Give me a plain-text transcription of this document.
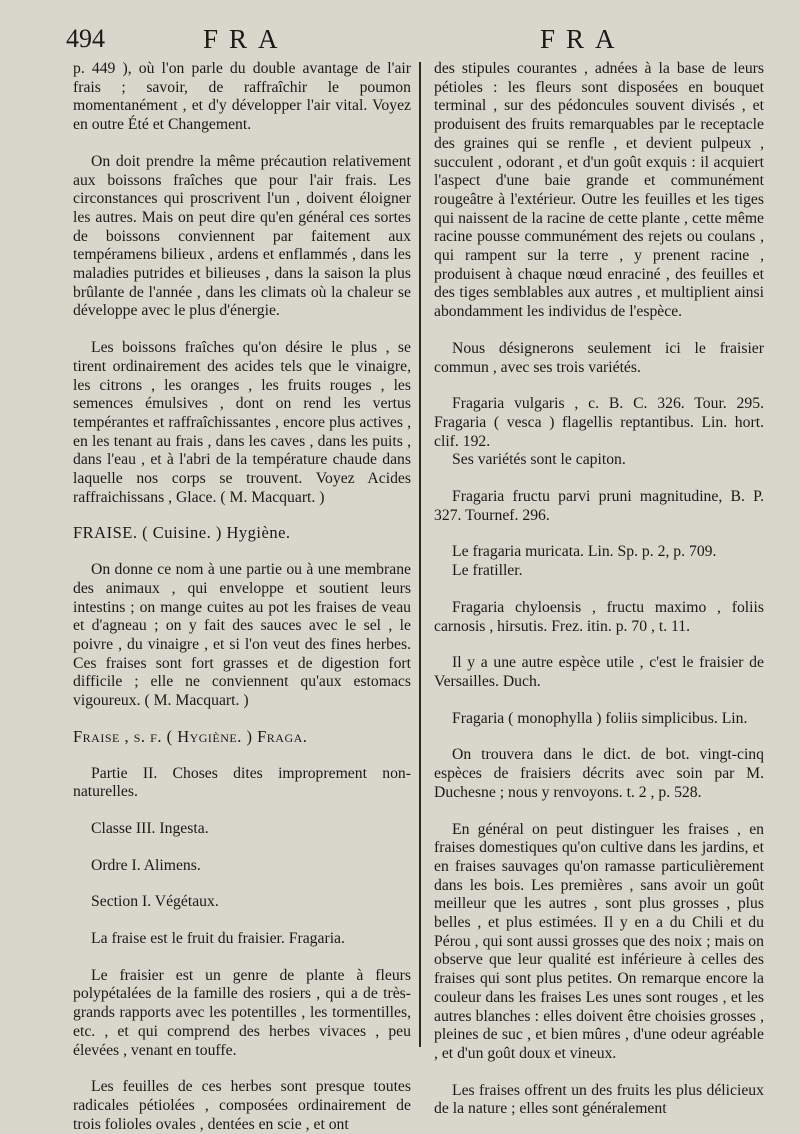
494	FRA	FRA

p. 449 ), où l'on parle du double avantage de l'air frais ; savoir, de raffraîchir le poumon momentanément , et d'y développer l'air vital. Voyez en outre Été et Changement.

On doit prendre la même précaution relativement aux boissons fraîches que pour l'air frais. Les circonstances qui proscrivent l'un , doivent éloigner les autres. Mais on peut dire qu'en général ces sortes de boissons conviennent par faitement aux tempéramens bilieux , ardens et enflammés , dans les maladies putrides et bilieuses , dans la saison la plus brûlante de l'année , dans les climats où la chaleur se développe avec le plus d'énergie.

Les boissons fraîches qu'on désire le plus , se tirent ordinairement des acides tels que le vinaigre, les citrons , les oranges , les fruits rouges , les semences émulsives , dont on rend les vertus tempérantes et raffraîchissantes , encore plus actives , en les tenant au frais , dans les caves , dans les puits , dans l'eau , et à l'abri de la température chaude dans laquelle nos corps se trouvent. Voyez Acides raffraichissans , Glace. ( M. Macquart. )

FRAISE. ( Cuisine. ) Hygiène.

On donne ce nom à une partie ou à une membrane des animaux , qui enveloppe et soutient leurs intestins ; on mange cuites au pot les fraises de veau et d'agneau ; on y fait des sauces avec le sel , le poivre , du vinaigre , et si l'on veut des fines herbes. Ces fraises sont fort grasses et de digestion fort difficile ; elle ne conviennent qu'aux estomacs vigoureux. ( M. Macquart. )

Fraise , s. f. ( Hygiène. ) Fraga.

Partie II. Choses dites improprement non-naturelles.

Classe III. Ingesta.

Ordre I. Alimens.

Section I. Végétaux.

La fraise est le fruit du fraisier. Fragaria.

Le fraisier est un genre de plante à fleurs polypétalées de la famille des rosiers , qui a de très-grands rapports avec les potentilles , les tormentilles, etc. , et qui comprend des herbes vivaces , peu élevées , venant en touffe.

Les feuilles de ces herbes sont presque toutes radicales pétiolées , composées ordinairement de trois folioles ovales , dentées en scie , et ont

des stipules courantes , adnées à la base de leurs pétioles : les fleurs sont disposées en bouquet terminal , sur des pédoncules souvent divisés , et produisent des fruits remarquables par le receptacle des graines qui se renfle , et devient pulpeux , succulent , odorant , et d'un goût exquis : il acquiert l'aspect d'une baie grande et communément rougeâtre à l'extérieur. Outre les feuilles et les tiges qui naissent de la racine de cette plante , cette même racine pousse communément des rejets ou coulans , qui rampent sur la terre , y prenent racine , produisent à chaque nœud enraciné , des feuilles et des tiges semblables aux autres , et multiplient ainsi abondamment les individus de l'espèce.

Nous désignerons seulement ici le fraisier commun , avec ses trois variétés.

Fragaria vulgaris , c. B. C. 326. Tour. 295. Fragaria ( vesca ) flagellis reptantibus. Lin. hort. clif. 192.

Ses variétés sont le capiton.

Fragaria fructu parvi pruni magnitudine, B. P. 327. Tournef. 296.

Le fragaria muricata. Lin. Sp. p. 2, p. 709.

Le fratiller.

Fragaria chyloensis , fructu maximo , foliis carnosis , hirsutis. Frez. itin. p. 70 , t. 11.

Il y a une autre espèce utile , c'est le fraisier de Versailles. Duch.

Fragaria ( monophylla ) foliis simplicibus. Lin.

On trouvera dans le dict. de bot. vingt-cinq espèces de fraisiers décrits avec soin par M. Duchesne ; nous y renvoyons. t. 2 , p. 528.

En général on peut distinguer les fraises , en fraises domestiques qu'on cultive dans les jardins, et en fraises sauvages qu'on ramasse particulièrement dans les bois. Les premières , sans avoir un goût meilleur que les autres , sont plus grosses , plus belles , et plus estimées. Il y en a du Chili et du Pérou , qui sont aussi grosses que des noix ; mais on observe que leur qualité est inférieure à celles des fraises qui sont plus petites. On remarque encore la couleur dans les fraises Les unes sont rouges , et les autres blanches : elles doivent être choisies grosses , pleines de suc , et bien mûres , d'une odeur agréable , et d'un goût doux et vineux.

Les fraises offrent un des fruits les plus délicieux de la nature ; elles sont généralement
